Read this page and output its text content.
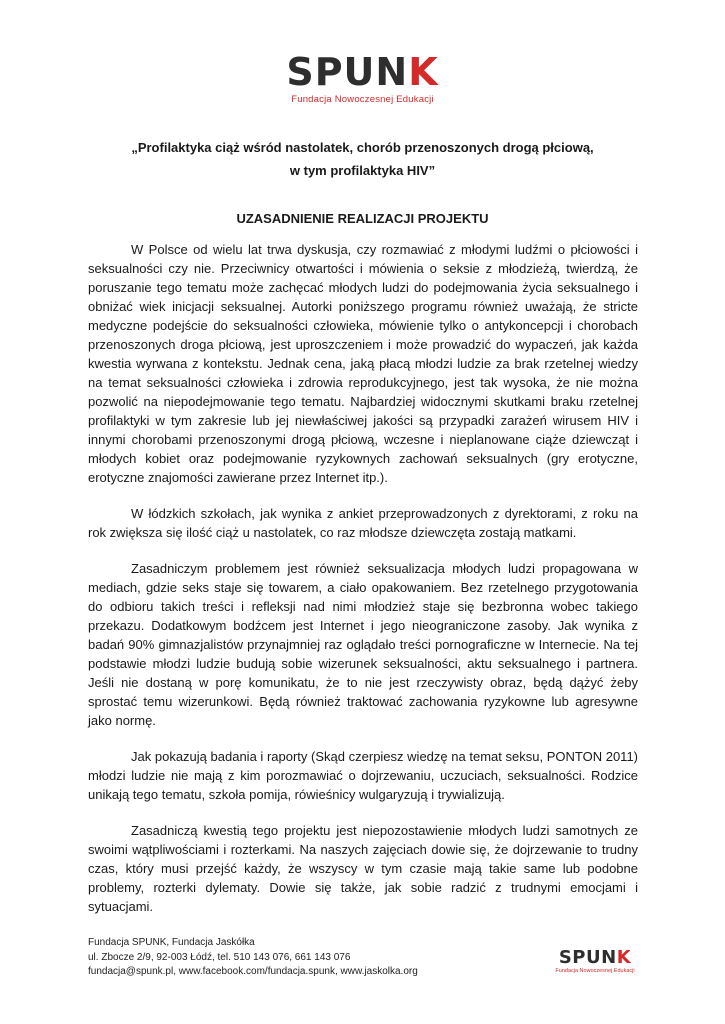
SPUNK
Fundacja Nowoczesnej Edukacji
„Profilaktyka ciąż wśród nastolatek, chorób przenoszonych drogą płciową,
w tym profilaktyka HIV”
UZASADNIENIE REALIZACJI PROJEKTU

W Polsce od wielu lat trwa dyskusja, czy rozmawiać z młodymi ludźmi o płciowości i seksualności czy nie. Przeciwnicy otwartości i mówienia o seksie z młodzieżą, twierdzą, że poruszanie tego tematu może zachęcać młodych ludzi do podejmowania życia seksualnego i obniżać wiek inicjacji seksualnej. Autorki poniższego programu również uważają, że stricte medyczne podejście do seksualności człowieka, mówienie tylko o antykoncepcji i chorobach przenoszonych droga płciową, jest uproszczeniem i może prowadzić do wypaczeń, jak każda kwestia wyrwana z kontekstu. Jednak cena, jaką płacą młodzi ludzie za brak rzetelnej wiedzy na temat seksualności człowieka i zdrowia reprodukcyjnego, jest tak wysoka, że nie można pozwolić na niepodejmowanie tego tematu. Najbardziej widocznymi skutkami braku rzetelnej profilaktyki w tym zakresie lub jej niewłaściwej jakości są przypadki zarażeń wirusem HIV i innymi chorobami przenoszonymi drogą płciową, wczesne i nieplanowane ciąże dziewcząt i młodych kobiet oraz podejmowanie ryzykownych zachowań seksualnych (gry erotyczne, erotyczne znajomości zawierane przez Internet itp.).

W łódzkich szkołach, jak wynika z ankiet przeprowadzonych z dyrektorami, z roku na rok zwiększa się ilość ciąż u nastolatek, co raz młodsze dziewczęta zostają matkami.

Zasadniczym problemem jest również seksualizacja młodych ludzi propagowana w mediach, gdzie seks staje się towarem, a ciało opakowaniem. Bez rzetelnego przygotowania do odbioru takich treści i refleksji nad nimi młodzież staje się bezbronna wobec takiego przekazu. Dodatkowym bodźcem jest Internet i jego nieograniczone zasoby. Jak wynika z badań 90% gimnazjalistów przynajmniej raz oglądało treści pornograficzne w Internecie. Na tej podstawie młodzi ludzie budują sobie wizerunek seksualności, aktu seksualnego i partnera. Jeśli nie dostaną w porę komunikatu, że to nie jest rzeczywisty obraz, będą dążyć żeby sprostać temu wizerunkowi. Będą również traktować zachowania ryzykowne lub agresywne jako normę.

Jak pokazują badania i raporty (Skąd czerpiesz wiedzę na temat seksu, PONTON 2011) młodzi ludzie nie mają z kim porozmawiać o dojrzewaniu, uczuciach, seksualności. Rodzice unikają tego tematu, szkoła pomija, rówieśnicy wulgaryzują i trywializują.

Zasadniczą kwestią tego projektu jest niepozostawienie młodych ludzi samotnych ze swoimi wątpliwościami i rozterkami. Na naszych zajęciach dowie się, że dojrzewanie to trudny czas, który musi przejść każdy, że wszyscy w tym czasie mają takie same lub podobne problemy, rozterki dylematy. Dowie się także, jak sobie radzić z trudnymi emocjami i sytuacjami.

Fundacja SPUNK, Fundacja Jaskółka
ul. Zbocze 2/9, 92-003 Łódź, tel. 510 143 076, 661 143 076
fundacja@spunk.pl, www.facebook.com/fundacja.spunk, www.jaskolka.org
SPUNK
Fundacja Nowoczesnej Edukacji
